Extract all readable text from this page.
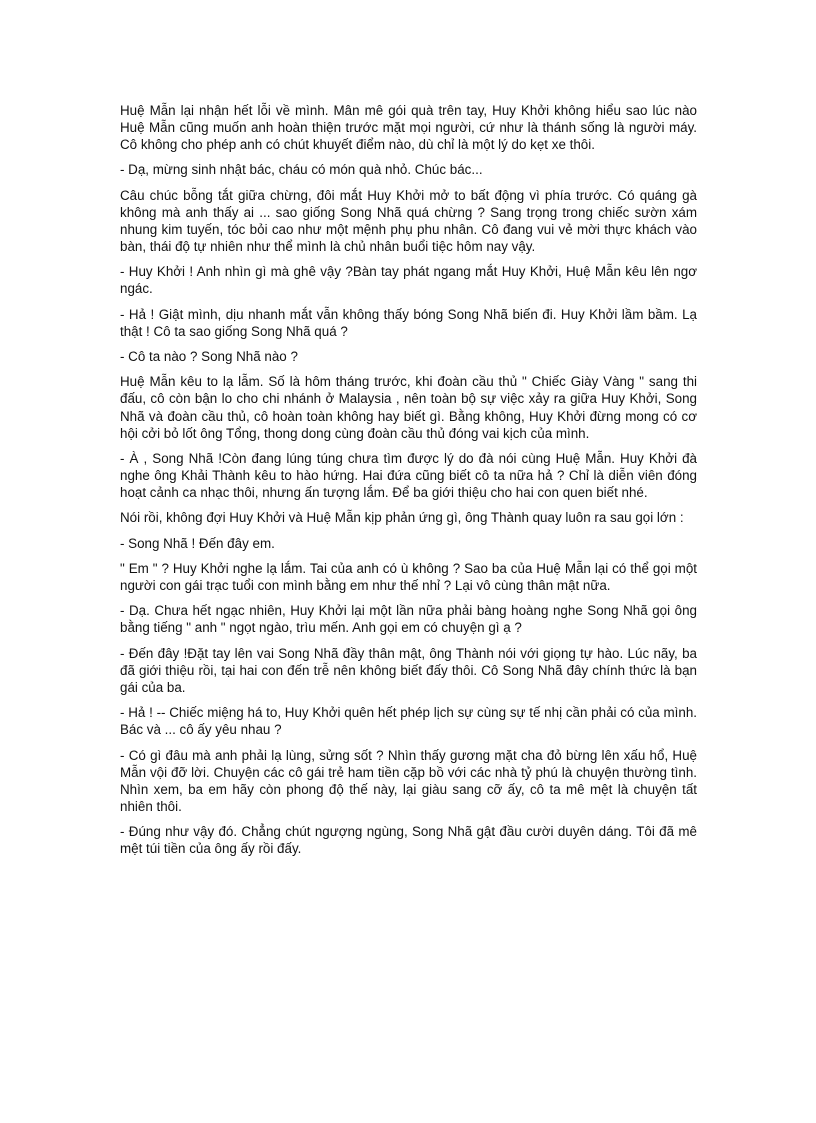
Huệ Mẫn lại nhận hết lỗi về mình. Mân mê gói quà trên tay, Huy Khởi không hiểu sao lúc nào Huệ Mẫn cũng muốn anh hoàn thiện trước mặt mọi người, cứ như là thánh sống là người máy. Cô không cho phép anh có chút khuyết điểm nào, dù chỉ là một lý do kẹt xe thôi.

- Dạ, mừng sinh nhật bác, cháu có món quà nhỏ. Chúc bác...

Câu chúc bỗng tắt giữa chừng, đôi mắt Huy Khởi mở to bất động vì phía trước. Có quáng gà không mà anh thấy ai ... sao giống Song Nhã quá chừng ? Sang trọng trong chiếc sườn xám nhung kim tuyến, tóc bỏi cao như một mệnh phụ phu nhân. Cô đang vui vẻ mời thực khách vào bàn, thái độ tự nhiên như thể mình là chủ nhân buổi tiệc hôm nay vậy.

- Huy Khởi ! Anh nhìn gì mà ghê vậy ?Bàn tay phát ngang mắt Huy Khởi, Huệ Mẫn kêu lên ngơ ngác.

- Hả ! Giật mình, dịu nhanh mắt vẫn không thấy bóng Song Nhã biến đi. Huy Khởi lầm bầm. Lạ thật ! Cô ta sao giống Song Nhã quá ?

- Cô ta nào ? Song Nhã nào ?

Huệ Mẫn kêu to lạ lẫm. Số là hôm tháng trước, khi đoàn cầu thủ " Chiếc Giày Vàng " sang thi đấu, cô còn bận lo cho chi nhánh ở Malaysia , nên toàn bộ sự việc xảy ra giữa Huy Khởi, Song Nhã và đoàn cầu thủ, cô hoàn toàn không hay biết gì. Bằng không, Huy Khởi đừng mong có cơ hội cởi bỏ lốt ông Tổng, thong dong cùng đoàn cầu thủ đóng vai kịch của mình.

- À , Song Nhã !Còn đang lúng túng chưa tìm được lý do đà nói cùng Huệ Mẫn. Huy Khởi đà nghe ông Khải Thành kêu to hào hứng. Hai đứa cũng biết cô ta nữa hả ? Chỉ là diễn viên đóng hoạt cảnh ca nhạc thôi, nhưng ấn tượng lắm. Để ba giới thiệu cho hai con quen biết nhé.

Nói rồi, không đợi Huy Khởi và Huệ Mẫn kịp phản ứng gì, ông Thành quay luôn ra sau gọi lớn :

- Song Nhã ! Đến đây em.

" Em " ? Huy Khởi nghe lạ lắm. Tai của anh có ù không ? Sao ba của Huệ Mẫn lại có thể gọi một người con gái trạc tuổi con mình bằng em như thế nhỉ ? Lại vô cùng thân mật nữa.

- Dạ. Chưa hết ngạc nhiên, Huy Khởi lại một lần nữa phải bàng hoàng nghe Song Nhã gọi ông bằng tiếng " anh " ngọt ngào, trìu mến. Anh gọi em có chuyện gì ạ ?

- Đến đây !Đặt tay lên vai Song Nhã đầy thân mật, ông Thành nói với giọng tự hào. Lúc nãy, ba đã giới thiệu rồi, tại hai con đến trễ nên không biết đấy thôi. Cô Song Nhã đây chính thức là bạn gái của ba.

- Hả ! -- Chiếc miệng há to, Huy Khởi quên hết phép lịch sự cùng sự tế nhị cần phải có của mình. Bác và ... cô ấy yêu nhau ?

- Có gì đâu mà anh phải lạ lùng, sửng sốt ? Nhìn thấy gương mặt cha đỏ bừng lên xấu hổ, Huệ Mẫn vội đỡ lời. Chuyện các cô gái trẻ ham tiền cặp bồ với các nhà tỷ phú là chuyện thường tình. Nhìn xem, ba em hãy còn phong độ thế này, lại giàu sang cỡ ấy, cô ta mê mệt là chuyện tất nhiên thôi.

- Đúng như vậy đó. Chẳng chút ngượng ngùng, Song Nhã gật đầu cười duyên dáng. Tôi đã mê mệt túi tiền của ông ấy rồi đấy.
